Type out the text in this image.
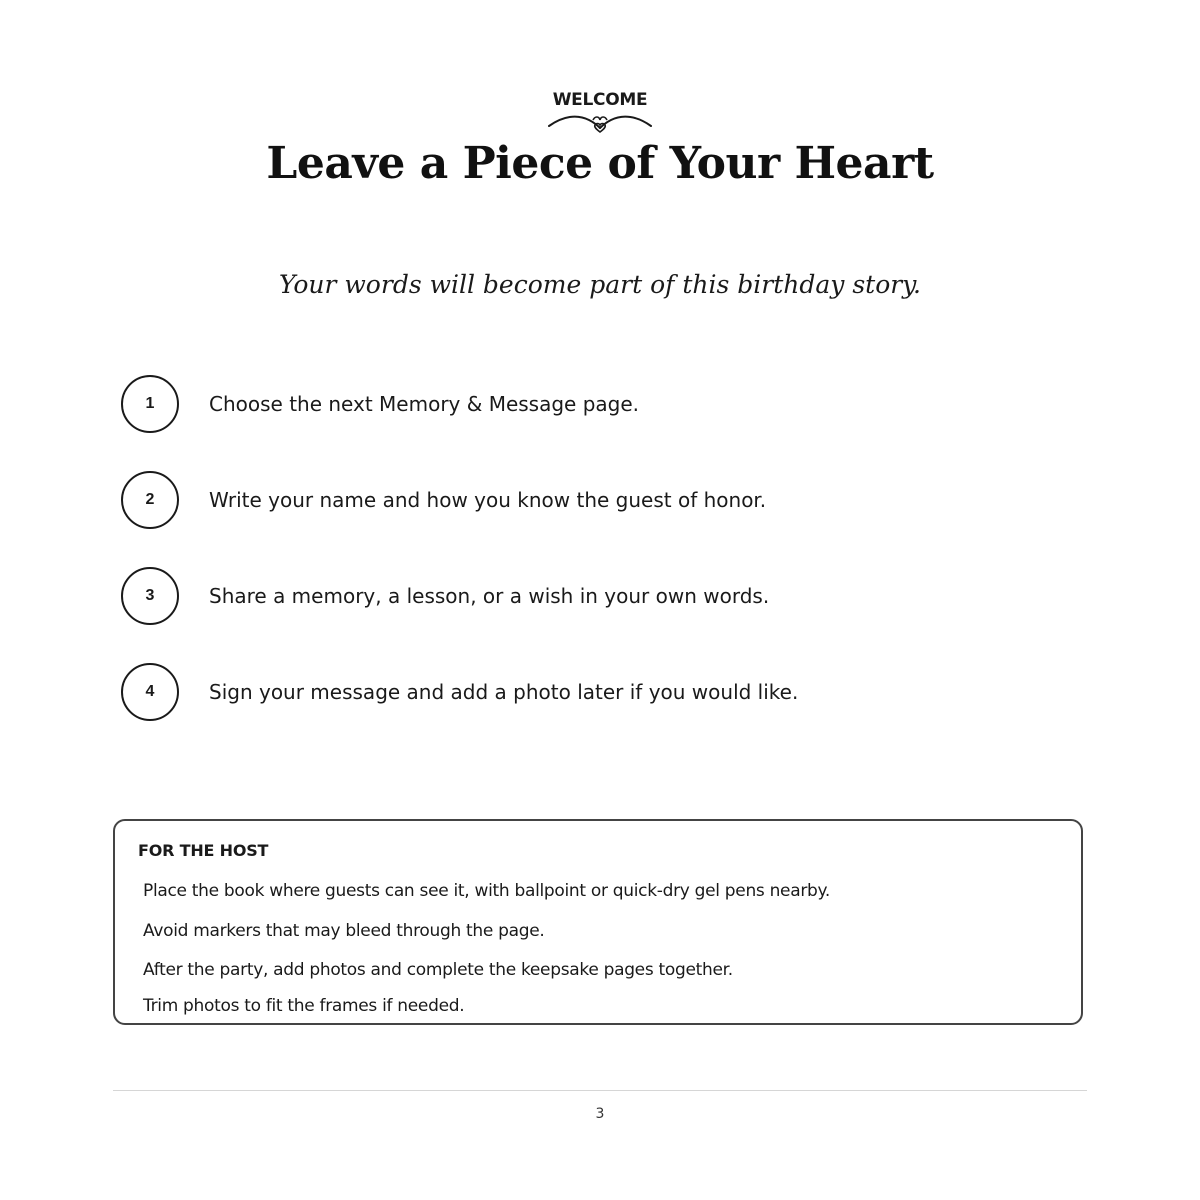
WELCOME
Leave a Piece of Your Heart
Your words will become part of this birthday story.
1	Choose the next Memory & Message page.
2	Write your name and how you know the guest of honor.
3	Share a memory, a lesson, or a wish in your own words.
4	Sign your message and add a photo later if you would like.
FOR THE HOST
Place the book where guests can see it, with ballpoint or quick-dry gel pens nearby.
Avoid markers that may bleed through the page.
After the party, add photos and complete the keepsake pages together.
Trim photos to fit the frames if needed.
3
